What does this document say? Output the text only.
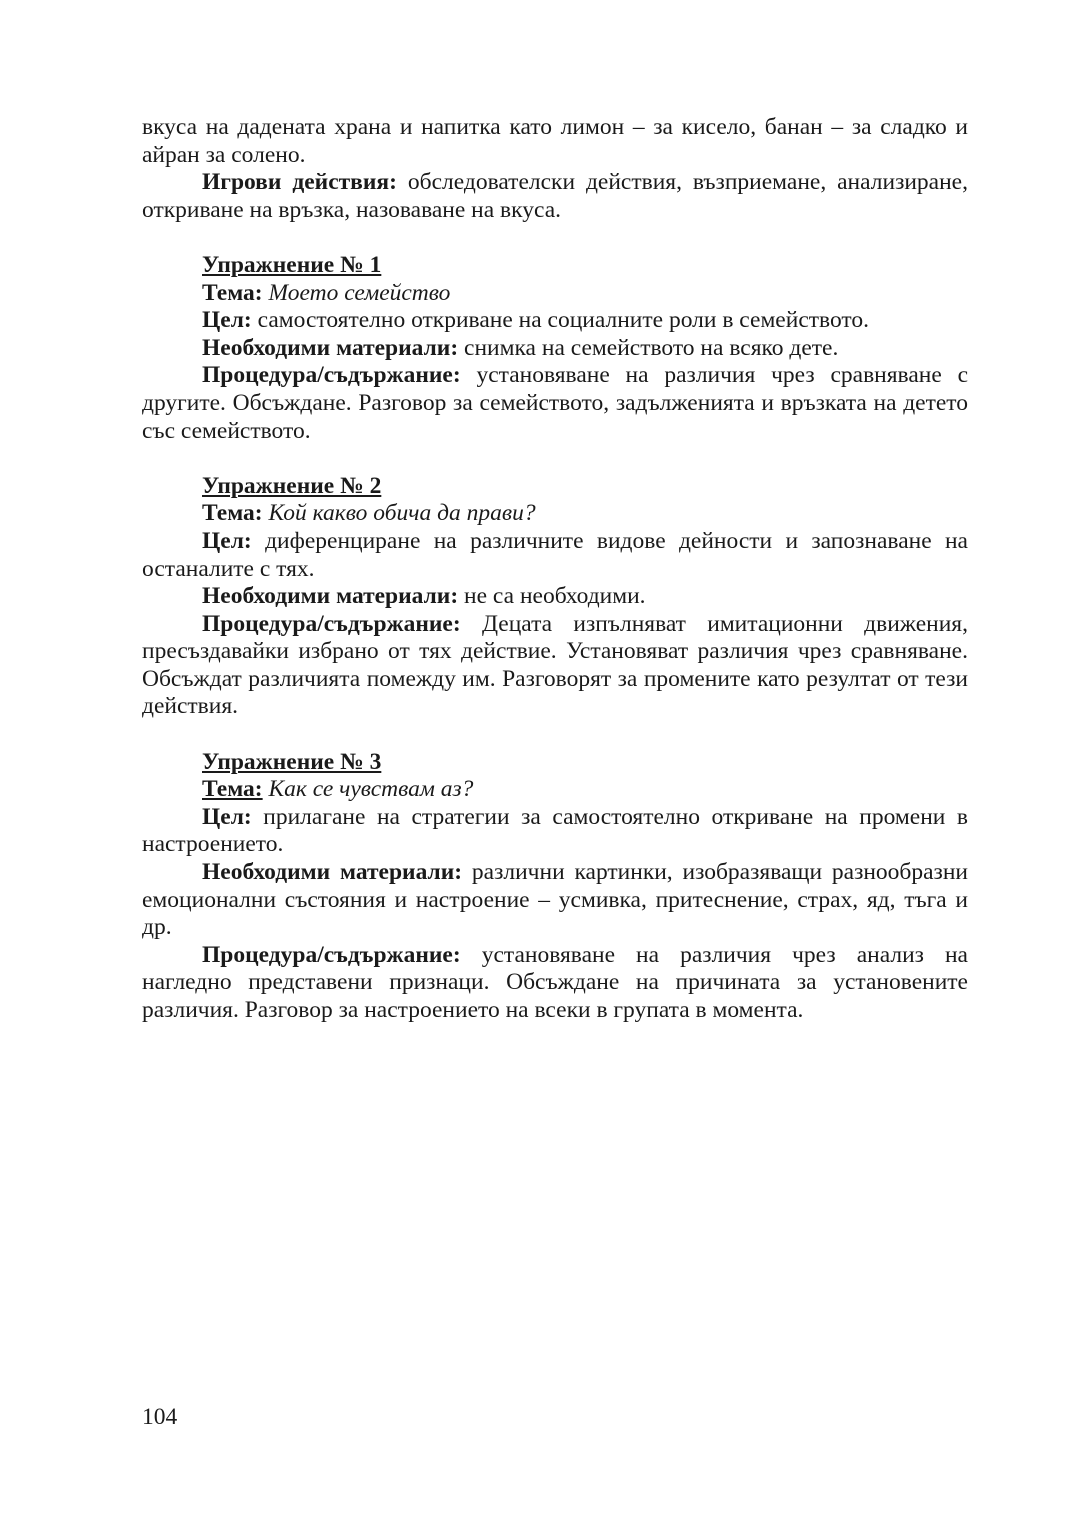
вкуса на дадената храна и напитка като лимон – за кисело, банан – за сладко и айран за солено.

Игрови действия: обследователски действия, възприемане, анализиране, откриване на връзка, назоваване на вкуса.

Упражнение № 1

Тема: Моето семейство

Цел: самостоятелно откриване на социалните роли в семейството.

Необходими материали: снимка на семейството на всяко дете.

Процедура/съдържание: установяване на различия чрез сравняване с другите. Обсъждане. Разговор за семейството, задълженията и връзката на детето със семейството.

Упражнение № 2

Тема: Кой какво обича да прави?

Цел: диференциране на различните видове дейности и запознаване на останалите с тях.

Необходими материали: не са необходими.

Процедура/съдържание: Децата изпълняват имитационни движения, пресъздавайки избрано от тях действие. Установяват различия чрез сравняване. Обсъждат различията помежду им. Разговорят за промените като резултат от тези действия.

Упражнение № 3

Тема: Как се чувствам аз?

Цел: прилагане на стратегии за самостоятелно откриване на промени в настроението.

Необходими материали: различни картинки, изобразяващи разнообразни емоционални състояния и настроение – усмивка, притеснение, страх, яд, тъга и др.

Процедура/съдържание: установяване на различия чрез анализ на нагледно представени признаци. Обсъждане на причината за установените различия. Разговор за настроението на всеки в групата в момента.

104
